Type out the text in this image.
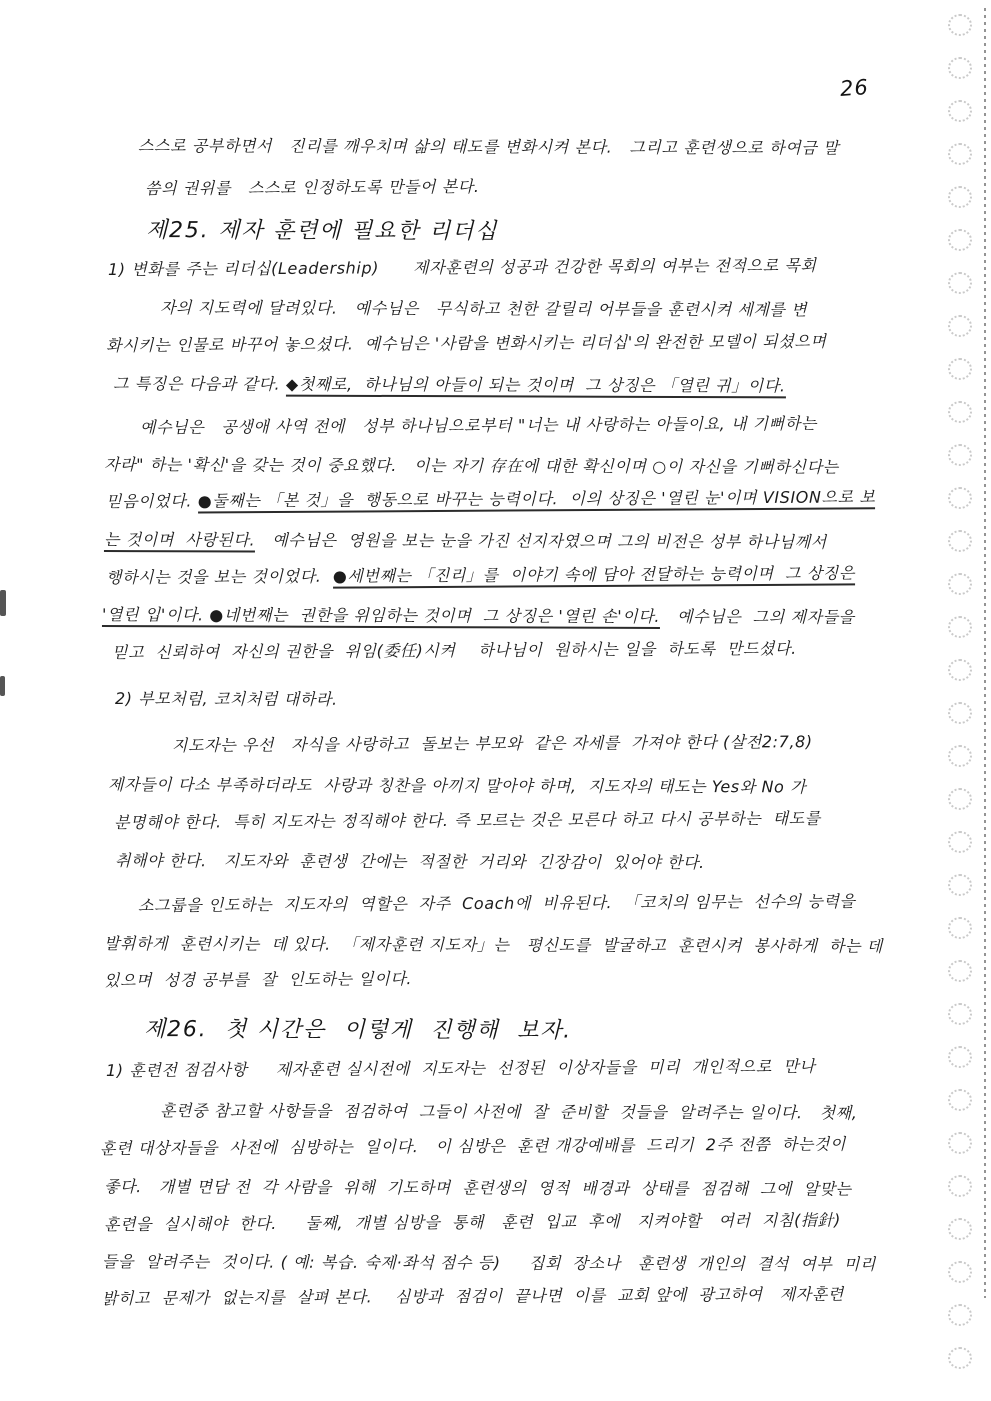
26
스스로 공부하면서   진리를 깨우치며 삶의 태도를 변화시켜 본다.   그리고 훈련생으로 하여금 말
씀의 권위를   스스로 인정하도록 만들어 본다.
제25. 제자 훈련에 필요한 리더십
1) 변화를 주는 리더십(Leadership)      제자훈련의 성공과 건강한 목회의 여부는 전적으로 목회
자의 지도력에 달려있다.   예수님은   무식하고 천한 갈릴리 어부들을 훈련시켜 세계를 변
화시키는 인물로 바꾸어 놓으셨다.  예수님은 '사람을 변화시키는 리더십'의 완전한 모델이 되셨으며
그 특징은 다음과 같다. ◆첫째로,  하나님의 아들이 되는 것이며  그 상징은 「열린 귀」이다.
예수님은   공생애 사역 전에   성부 하나님으로부터 "너는 내 사랑하는 아들이요, 내 기뻐하는
자라" 하는 '확신'을 갖는 것이 중요했다.   이는 자기 存在에 대한 확신이며 ○이 자신을 기뻐하신다는
믿음이었다. ●둘째는 「본 것」을  행동으로 바꾸는 능력이다.  이의 상징은 '열린 눈'이며 VISION으로 보
는 것이며  사랑된다.   예수님은  영원을 보는 눈을 가진 선지자였으며 그의 비전은 성부 하나님께서
행하시는 것을 보는 것이었다.  ●세번째는 「진리」를  이야기 속에 담아 전달하는 능력이며  그 상징은
'열린 입'이다. ●네번째는  권한을 위임하는 것이며  그 상징은 '열린 손'이다.   예수님은  그의 제자들을
믿고  신뢰하여  자신의 권한을  위임(委任)시켜    하나님이  원하시는 일을  하도록  만드셨다.
2) 부모처럼, 코치처럼 대하라.
지도자는 우선   자식을 사랑하고  돌보는 부모와  같은 자세를  가져야 한다 (살전2:7,8)
제자들이 다소 부족하더라도  사랑과 칭찬을 아끼지 말아야 하며,  지도자의 태도는 Yes와 No 가
분명해야 한다.  특히 지도자는 정직해야 한다. 즉 모르는 것은 모른다 하고 다시 공부하는  태도를
취해야 한다.   지도자와  훈련생  간에는  적절한  거리와  긴장감이  있어야 한다.
소그룹을 인도하는  지도자의  역할은  자주  Coach에  비유된다.  「코치의 임무는  선수의 능력을
발휘하게  훈련시키는  데 있다.  「제자훈련 지도자」는   평신도를  발굴하고  훈련시켜  봉사하게  하는 데
있으며  성경 공부를  잘  인도하는 일이다.
제26.  첫 시간은  이렇게  진행해  보자.
1) 훈련전 점검사항     제자훈련 실시전에  지도자는  선정된  이상자들을  미리  개인적으로  만나
훈련중 참고할 사항들을  점검하여  그들이 사전에  잘  준비할  것들을  알려주는 일이다.   첫째,
훈련 대상자들을  사전에  심방하는  일이다.   이 심방은  훈련 개강예배를  드리기  2주 전쯤  하는것이
좋다.   개별 면담 전  각 사람을  위해  기도하며  훈련생의  영적  배경과  상태를  점검해  그에  알맞는
훈련을  실시해야  한다.     둘째,  개별 심방을  통해   훈련  입교  후에   지켜야할   여러  지침(指針)
들을  알려주는  것이다. ( 예: 복습. 숙제·좌석 점수 등)     집회  장소나   훈련생  개인의  결석  여부  미리
밝히고  문제가  없는지를  살펴 본다.    심방과  점검이  끝나면  이를  교회 앞에  광고하여   제자훈련
